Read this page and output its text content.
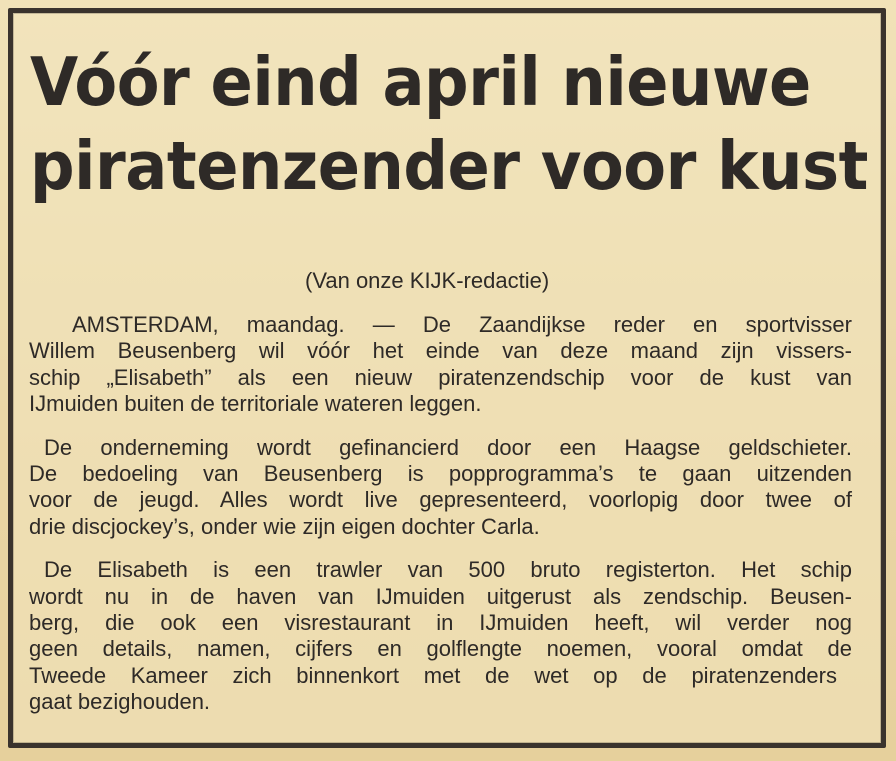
Vóór eind april nieuwe
piratenzender voor kust
(Van onze KIJK-redactie)
AMSTERDAM, maandag. — De Zaandijkse reder en sportvisser
Willem Beusenberg wil vóór het einde van deze maand zijn vissers-
schip „Elisabeth” als een nieuw piratenzendschip voor de kust van
IJmuiden buiten de territoriale wateren leggen.
De onderneming wordt gefinancierd door een Haagse geldschieter.
De bedoeling van Beusenberg is popprogramma’s te gaan uitzenden
voor de jeugd. Alles wordt live gepresenteerd, voorlopig door twee of
drie discjockey’s, onder wie zijn eigen dochter Carla.
De Elisabeth is een trawler van 500 bruto registerton. Het schip
wordt nu in de haven van IJmuiden uitgerust als zendschip. Beusen-
berg, die ook een visrestaurant in IJmuiden heeft, wil verder nog
geen details, namen, cijfers en golflengte noemen, vooral omdat de
Tweede Kameer zich binnenkort met de wet op de piratenzenders
gaat bezighouden.
